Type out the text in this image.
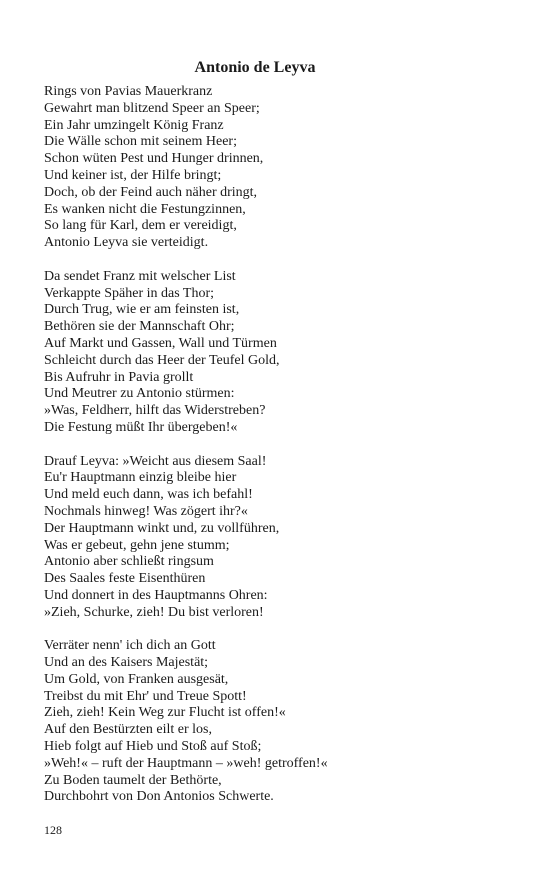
Antonio de Leyva
Rings von Pavias Mauerkranz
Gewahrt man blitzend Speer an Speer;
Ein Jahr umzingelt König Franz
Die Wälle schon mit seinem Heer;
Schon wüten Pest und Hunger drinnen,
Und keiner ist, der Hilfe bringt;
Doch, ob der Feind auch näher dringt,
Es wanken nicht die Festungzinnen,
So lang für Karl, dem er vereidigt,
Antonio Leyva sie verteidigt.
Da sendet Franz mit welscher List
Verkappte Späher in das Thor;
Durch Trug, wie er am feinsten ist,
Bethören sie der Mannschaft Ohr;
Auf Markt und Gassen, Wall und Türmen
Schleicht durch das Heer der Teufel Gold,
Bis Aufruhr in Pavia grollt
Und Meutrer zu Antonio stürmen:
»Was, Feldherr, hilft das Widerstreben?
Die Festung müßt Ihr übergeben!«
Drauf Leyva: »Weicht aus diesem Saal!
Eu'r Hauptmann einzig bleibe hier
Und meld euch dann, was ich befahl!
Nochmals hinweg! Was zögert ihr?«
Der Hauptmann winkt und, zu vollführen,
Was er gebeut, gehn jene stumm;
Antonio aber schließt ringsum
Des Saales feste Eisenthüren
Und donnert in des Hauptmanns Ohren:
»Zieh, Schurke, zieh! Du bist verloren!
Verräter nenn' ich dich an Gott
Und an des Kaisers Majestät;
Um Gold, von Franken ausgesät,
Treibst du mit Ehr' und Treue Spott!
Zieh, zieh! Kein Weg zur Flucht ist offen!«
Auf den Bestürzten eilt er los,
Hieb folgt auf Hieb und Stoß auf Stoß;
»Weh!« – ruft der Hauptmann – »weh! getroffen!«
Zu Boden taumelt der Bethörte,
Durchbohrt von Don Antonios Schwerte.
128
